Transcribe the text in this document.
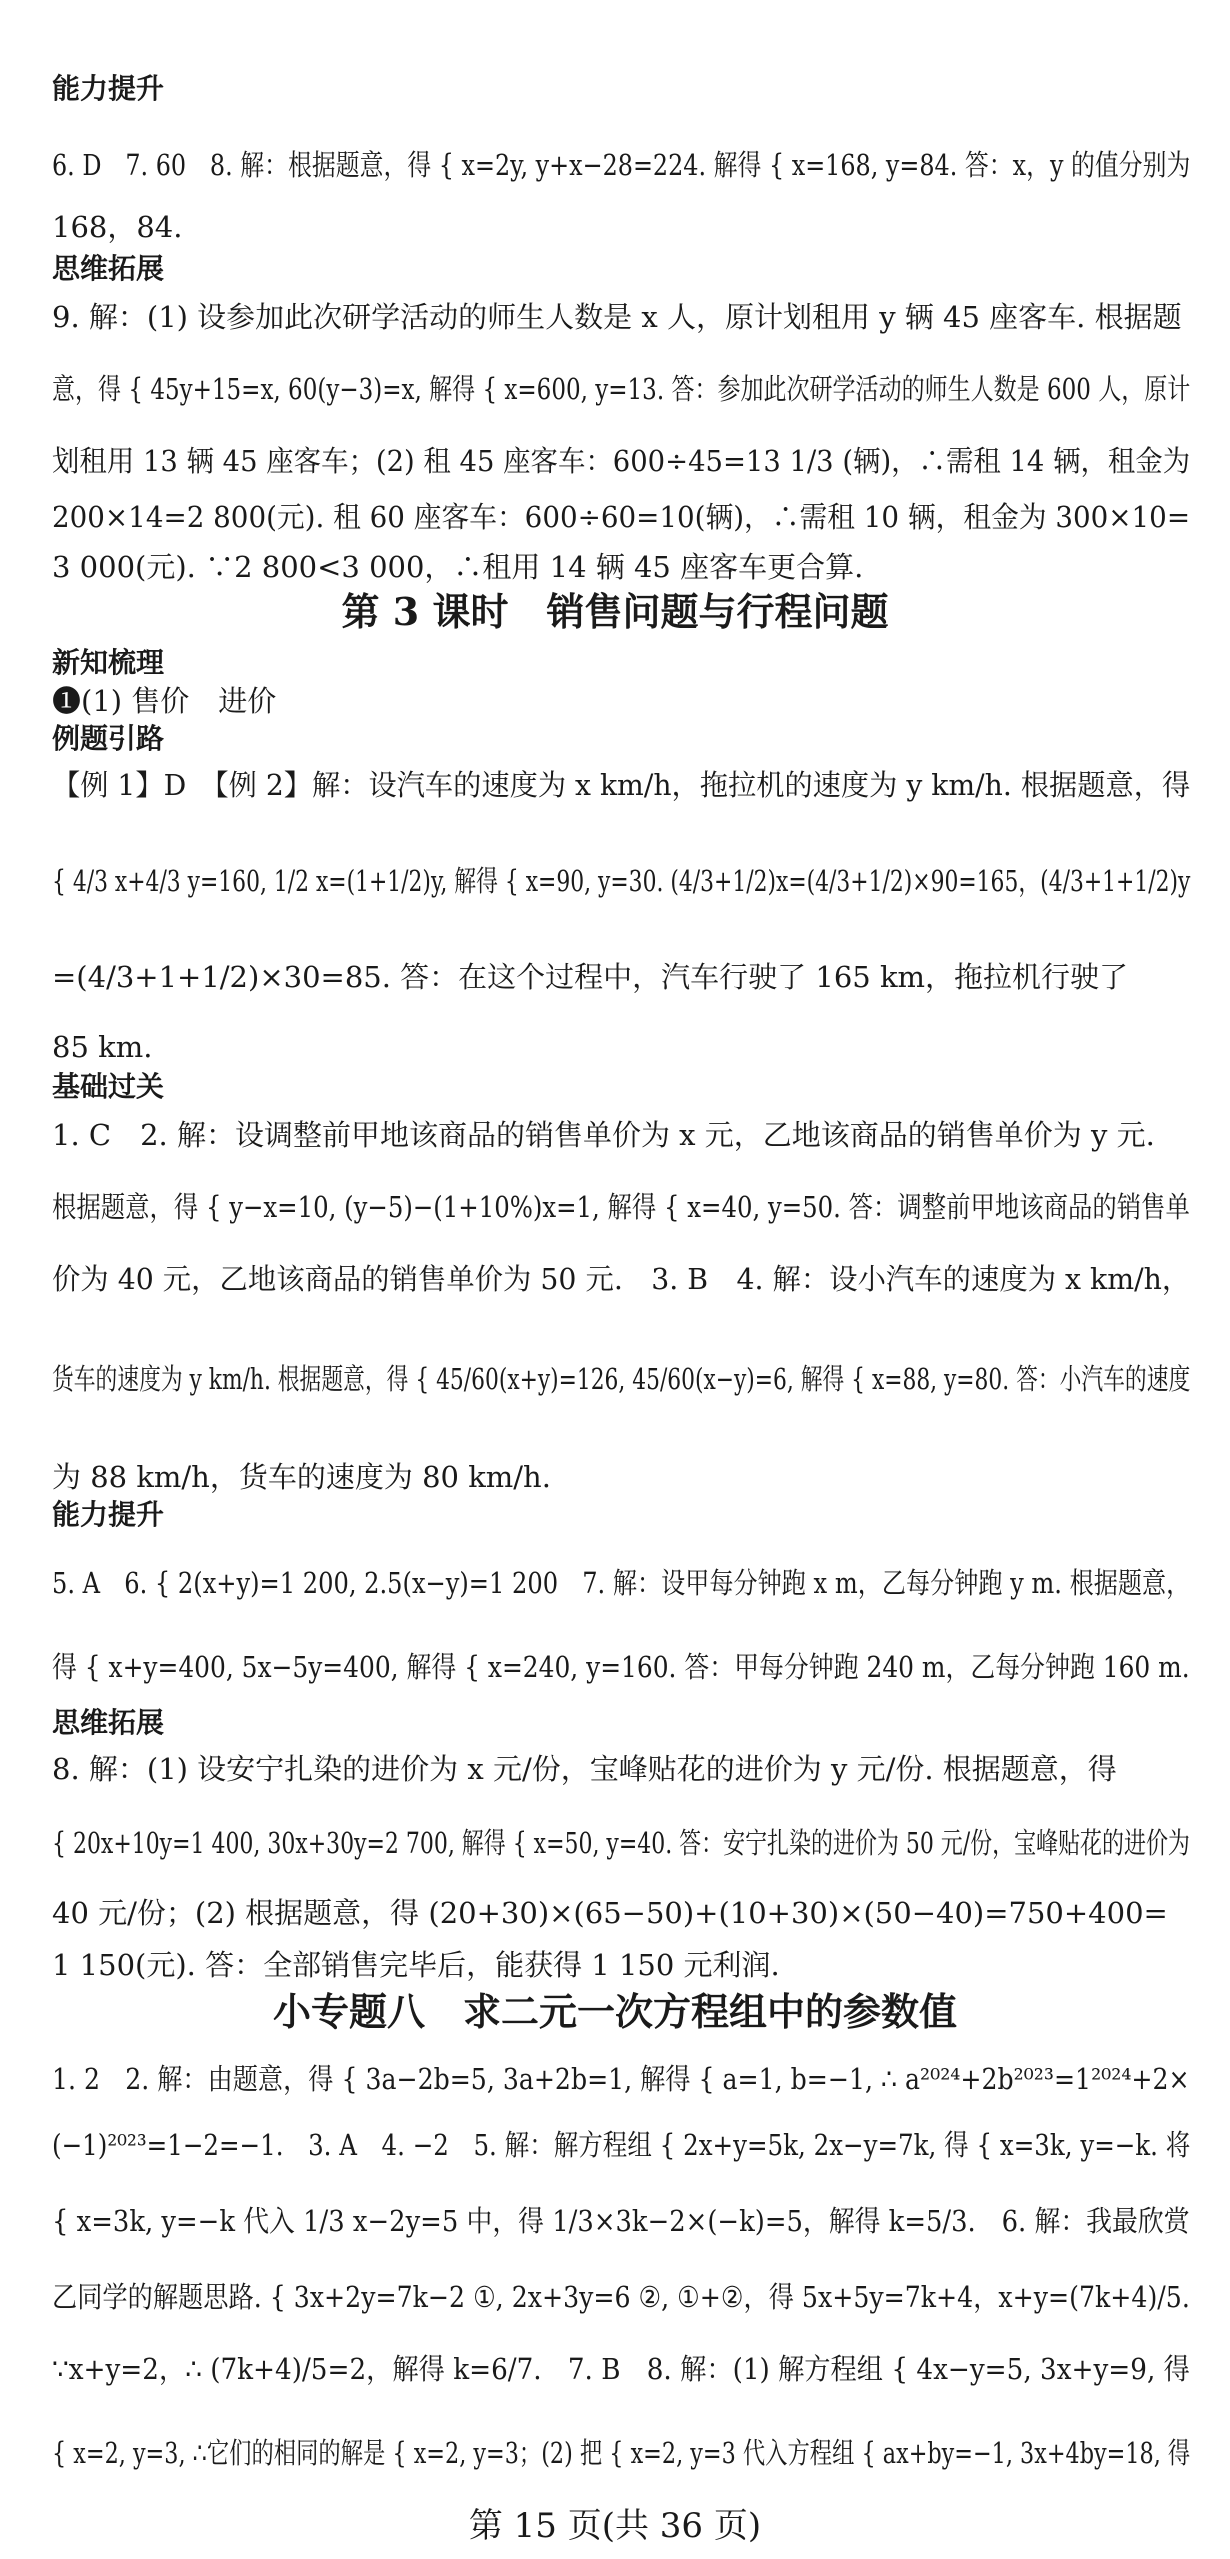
能力提升
6. D　7. 60　8. 解：根据题意，得 { x=2y, y+x−28=224. 解得 { x=168, y=84. 答：x，y 的值分别为
168，84.
思维拓展
9. 解：(1) 设参加此次研学活动的师生人数是 x 人，原计划租用 y 辆 45 座客车. 根据题
意，得 { 45y+15=x, 60(y−3)=x, 解得 { x=600, y=13. 答：参加此次研学活动的师生人数是 600 人，原计
划租用 13 辆 45 座客车；(2) 租 45 座客车：600÷45=13 1/3 (辆)，∴需租 14 辆，租金为
200×14=2 800(元). 租 60 座客车：600÷60=10(辆)，∴需租 10 辆，租金为 300×10=
3 000(元). ∵2 800<3 000，∴租用 14 辆 45 座客车更合算.
第 3 课时　销售问题与行程问题
新知梳理
❶(1) 售价　进价
例题引路
【例 1】D　【例 2】解：设汽车的速度为 x km/h，拖拉机的速度为 y km/h. 根据题意，得
{ 4/3 x+4/3 y=160, 1/2 x=(1+1/2)y, 解得 { x=90, y=30. (4/3+1/2)x=(4/3+1/2)×90=165，(4/3+1+1/2)y
=(4/3+1+1/2)×30=85. 答：在这个过程中，汽车行驶了 165 km，拖拉机行驶了
85 km.
基础过关
1. C　2. 解：设调整前甲地该商品的销售单价为 x 元，乙地该商品的销售单价为 y 元.
根据题意，得 { y−x=10, (y−5)−(1+10%)x=1, 解得 { x=40, y=50. 答：调整前甲地该商品的销售单
价为 40 元，乙地该商品的销售单价为 50 元.　3. B　4. 解：设小汽车的速度为 x km/h，
货车的速度为 y km/h. 根据题意，得 { 45/60(x+y)=126, 45/60(x−y)=6, 解得 { x=88, y=80. 答：小汽车的速度
为 88 km/h，货车的速度为 80 km/h.
能力提升
5. A　6. { 2(x+y)=1 200, 2.5(x−y)=1 200　7. 解：设甲每分钟跑 x m，乙每分钟跑 y m. 根据题意，
得 { x+y=400, 5x−5y=400, 解得 { x=240, y=160. 答：甲每分钟跑 240 m，乙每分钟跑 160 m.
思维拓展
8. 解：(1) 设安宁扎染的进价为 x 元/份，宝峰贴花的进价为 y 元/份. 根据题意，得
{ 20x+10y=1 400, 30x+30y=2 700, 解得 { x=50, y=40. 答：安宁扎染的进价为 50 元/份，宝峰贴花的进价为
40 元/份；(2) 根据题意，得 (20+30)×(65−50)+(10+30)×(50−40)=750+400=
1 150(元). 答：全部销售完毕后，能获得 1 150 元利润.
小专题八　求二元一次方程组中的参数值
1. 2　2. 解：由题意，得 { 3a−2b=5, 3a+2b=1, 解得 { a=1, b=−1, ∴ a²⁰²⁴+2b²⁰²³=1²⁰²⁴+2×
(−1)²⁰²³=1−2=−1.　3. A　4. −2　5. 解：解方程组 { 2x+y=5k, 2x−y=7k, 得 { x=3k, y=−k. 将
{ x=3k, y=−k 代入 1/3 x−2y=5 中，得 1/3×3k−2×(−k)=5，解得 k=5/3.　6. 解：我最欣赏
乙同学的解题思路. { 3x+2y=7k−2 ①, 2x+3y=6 ②, ①+②，得 5x+5y=7k+4，x+y=(7k+4)/5.
∵x+y=2，∴ (7k+4)/5=2，解得 k=6/7.　7. B　8. 解：(1) 解方程组 { 4x−y=5, 3x+y=9, 得
{ x=2, y=3, ∴它们的相同的解是 { x=2, y=3；(2) 把 { x=2, y=3 代入方程组 { ax+by=−1, 3x+4by=18, 得
第 15 页(共 36 页)
